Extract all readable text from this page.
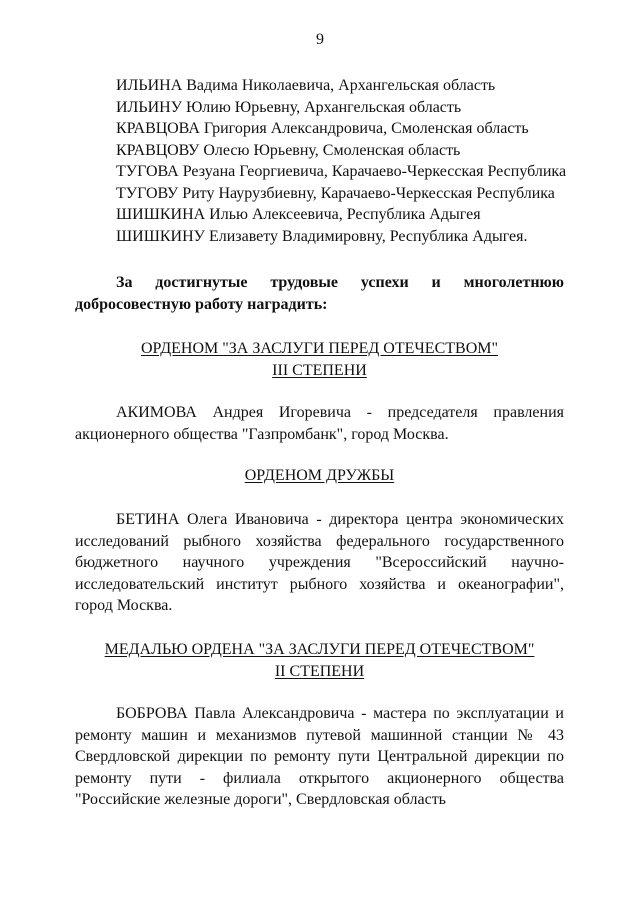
9
ИЛЬИНА Вадима Николаевича, Архангельская область
ИЛЬИНУ Юлию Юрьевну, Архангельская область
КРАВЦОВА Григория Александровича, Смоленская область
КРАВЦОВУ Олесю Юрьевну, Смоленская область
ТУГОВА Резуана Георгиевича, Карачаево-Черкесская Республика
ТУГОВУ Риту Наурузбиевну, Карачаево-Черкесская Республика
ШИШКИНА Илью Алексеевича, Республика Адыгея
ШИШКИНУ Елизавету Владимировну, Республика Адыгея.
За достигнутые трудовые успехи и многолетнюю
добросовестную работу наградить:
ОРДЕНОМ "ЗА ЗАСЛУГИ ПЕРЕД ОТЕЧЕСТВОМ"
III СТЕПЕНИ
АКИМОВА Андрея Игоревича - председателя правления акционерного общества "Газпромбанк", город Москва.
ОРДЕНОМ ДРУЖБЫ
БЕТИНА Олега Ивановича - директора центра экономических исследований рыбного хозяйства федерального государственного бюджетного научного учреждения "Всероссийский научно-исследовательский институт рыбного хозяйства и океанографии", город Москва.
МЕДАЛЬЮ ОРДЕНА "ЗА ЗАСЛУГИ ПЕРЕД ОТЕЧЕСТВОМ"
II СТЕПЕНИ
БОБРОВА Павла Александровича - мастера по эксплуатации и ремонту машин и механизмов путевой машинной станции № 43 Свердловской дирекции по ремонту пути Центральной дирекции по ремонту пути - филиала открытого акционерного общества "Российские железные дороги", Свердловская область
